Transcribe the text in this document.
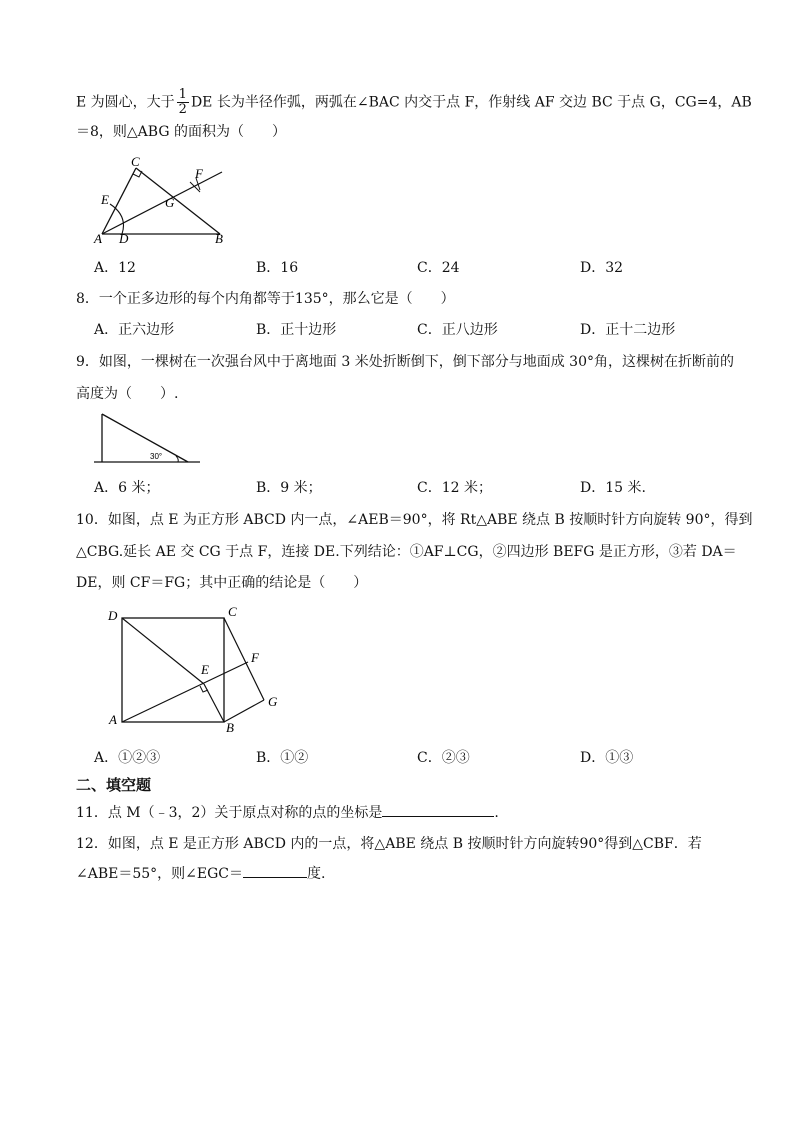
E 为圆心，大于 $\frac{1}{2}$ DE 长为半径作弧，两弧在∠BAC 内交于点 F，作射线 AF 交边 BC 于点 G，CG=4，AB
＝8，则△ABG 的面积为（　　）
C
F
E	G
A D	B
A．12	B．16	C．24	D．32
8．一个正多边形的每个内角都等于135°，那么它是（　　）
A．正六边形	B．正十边形	C．正八边形	D．正十二边形
9．如图，一棵树在一次强台风中于离地面 3 米处折断倒下，倒下部分与地面成 30°角，这棵树在折断前的
高度为（　　）.
30°
A．6 米；	B．9 米；	C．12 米；	D．15 米.
10．如图，点 E 为正方形 ABCD 内一点，∠AEB＝90°，将 Rt△ABE 绕点 B 按顺时针方向旋转 90°，得到
△CBG.延长 AE 交 CG 于点 F，连接 DE.下列结论：①AF⊥CG，②四边形 BEFG 是正方形，③若 DA＝
DE，则 CF＝FG；其中正确的结论是（　　）
D	C
E
F
G
A
B
A．①②③	B．①②	C．②③	D．①③
二、填空题
11．点 M（﹣3，2）关于原点对称的点的坐标是	.
12．如图，点 E 是正方形 ABCD 内的一点，将△ABE 绕点 B 按顺时针方向旋转90°得到△CBF．若
∠ABE＝55°，则∠EGC＝	度.
